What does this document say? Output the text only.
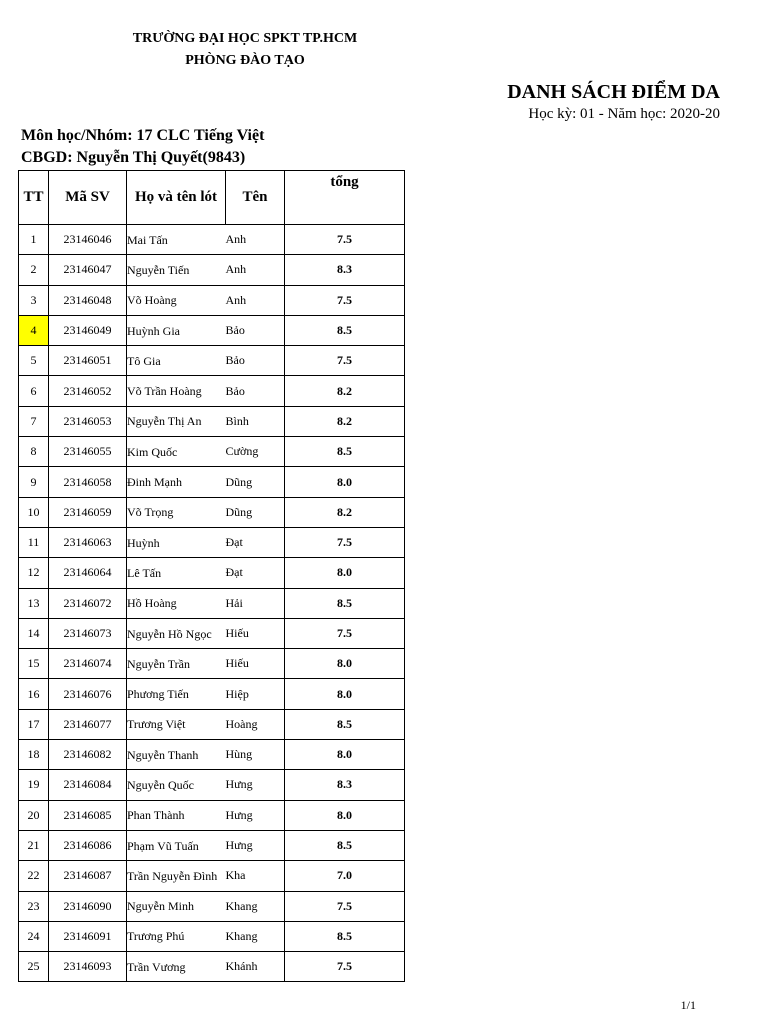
TRƯỜNG ĐẠI HỌC SPKT TP.HCM
PHÒNG ĐÀO TẠO
DANH SÁCH ĐIỂM DA
Học kỳ: 01 - Năm học: 2020-20
Môn học/Nhóm: 17 CLC Tiếng Việt
CBGD: Nguyễn Thị Quyết(9843)
TT	Mã SV	Họ và tên lót	Tên	tổng
1	23146046	Mai Tấn	Anh	7.5
2	23146047	Nguyễn Tiến	Anh	8.3
3	23146048	Võ Hoàng	Anh	7.5
4	23146049	Huỳnh Gia	Bảo	8.5
5	23146051	Tô Gia	Bảo	7.5
6	23146052	Võ Trần Hoàng	Bảo	8.2
7	23146053	Nguyễn Thị An	Bình	8.2
8	23146055	Kim Quốc	Cường	8.5
9	23146058	Đinh Mạnh	Dũng	8.0
10	23146059	Võ Trọng	Dũng	8.2
11	23146063	Huỳnh	Đạt	7.5
12	23146064	Lê Tấn	Đạt	8.0
13	23146072	Hồ Hoàng	Hải	8.5
14	23146073	Nguyễn Hồ Ngọc	Hiếu	7.5
15	23146074	Nguyễn Trần	Hiếu	8.0
16	23146076	Phương Tiến	Hiệp	8.0
17	23146077	Trương Việt	Hoàng	8.5
18	23146082	Nguyễn Thanh	Hùng	8.0
19	23146084	Nguyễn Quốc	Hưng	8.3
20	23146085	Phan Thành	Hưng	8.0
21	23146086	Phạm Vũ Tuấn	Hưng	8.5
22	23146087	Trần Nguyễn Đình	Kha	7.0
23	23146090	Nguyễn Minh	Khang	7.5
24	23146091	Trương Phú	Khang	8.5
25	23146093	Trần Vương	Khánh	7.5
1/1
